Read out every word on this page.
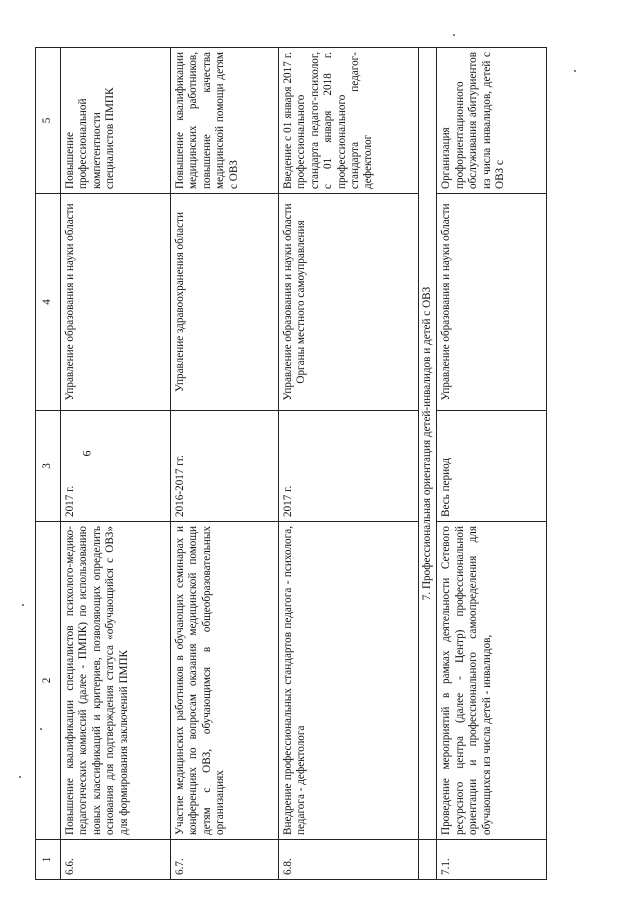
6
1	2	3	4	5
6.6.	Повышение квалификации специалистов психолого-медико-педагогических комиссий (далее - ПМПК) по использованию новых классификаций и критериев, позволяющих определить основания для подтверждения статуса «обучающийся с ОВЗ» для формирования заключений ПМПК	2017 г.	Управление образования и науки области	Повышение профессиональной компетентности специалистов ПМПК
6.7.	Участие медицинских работников в обучающих семинарах и конференциях по вопросам оказания медицинской помощи детям с ОВЗ, обучающимся в общеобразовательных организациях	2016-2017 гг.	Управление здравоохранения области	Повышение квалификации медицинских работников, повышение качества медицинской помощи детям с ОВЗ
6.8.	Внедрение профессиональных стандартов педагога - психолога, педагога - дефектолога	2017 г.	Управление образования и науки области Органы местного самоуправления	Введение с 01 января 2017 г. профессионального стандарта педагог-психолог, с 01 января 2018 г. профессионального стандарта педагог-дефектолог
	7. Профессиональная ориентация детей-инвалидов и детей с ОВЗ			
7.1.	Проведение мероприятий в рамках деятельности Сетевого ресурсного центра (далее - Центр) профессиональной ориентации и профессионального самоопределения для обучающихся из числа детей - инвалидов,	Весь период	Управление образования и науки области	Организация профориентационного обслуживания абитуриентов из числа инвалидов, детей с ОВЗ с
